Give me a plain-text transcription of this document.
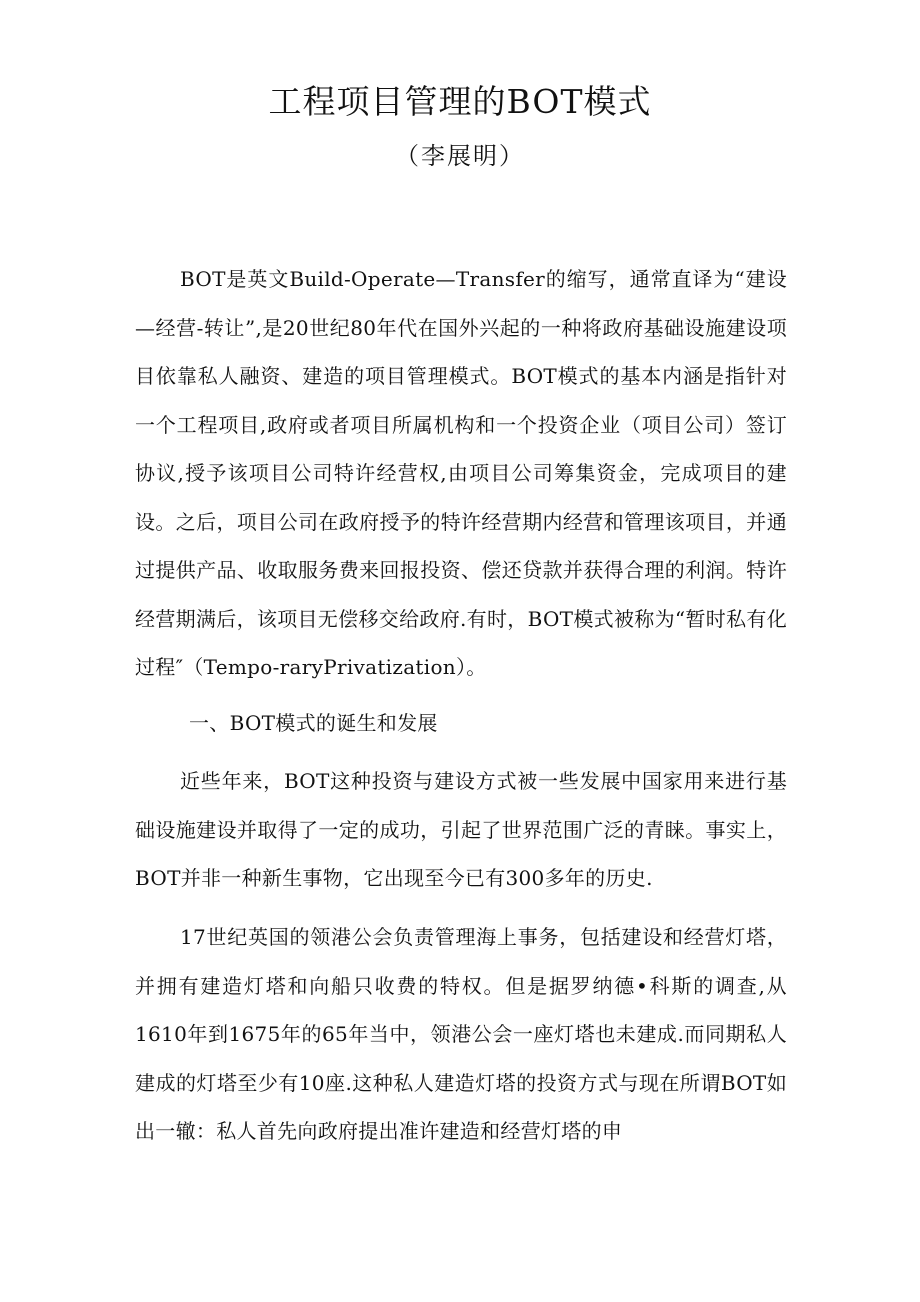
工程项目管理的BOT模式
（李展明）

BOT是英文Build-Operate—Transfer的缩写，通常直译为“建设—经营-转让”,是20世纪80年代在国外兴起的一种将政府基础设施建设项目依靠私人融资、建造的项目管理模式。BOT模式的基本内涵是指针对一个工程项目,政府或者项目所属机构和一个投资企业（项目公司）签订协议,授予该项目公司特许经营权,由项目公司筹集资金，完成项目的建设。之后，项目公司在政府授予的特许经营期内经营和管理该项目，并通过提供产品、收取服务费来回报投资、偿还贷款并获得合理的利润。特许经营期满后，该项目无偿移交给政府.有时，BOT模式被称为“暂时私有化过程″（Tempo-raryPrivatization）。

一、BOT模式的诞生和发展

近些年来，BOT这种投资与建设方式被一些发展中国家用来进行基础设施建设并取得了一定的成功，引起了世界范围广泛的青睐。事实上，BOT并非一种新生事物，它出现至今已有300多年的历史.

17世纪英国的领港公会负责管理海上事务，包括建设和经营灯塔，并拥有建造灯塔和向船只收费的特权。但是据罗纳德•科斯的调查,从1610年到1675年的65年当中，领港公会一座灯塔也未建成.而同期私人建成的灯塔至少有10座.这种私人建造灯塔的投资方式与现在所谓BOT如出一辙：私人首先向政府提出准许建造和经营灯塔的申
